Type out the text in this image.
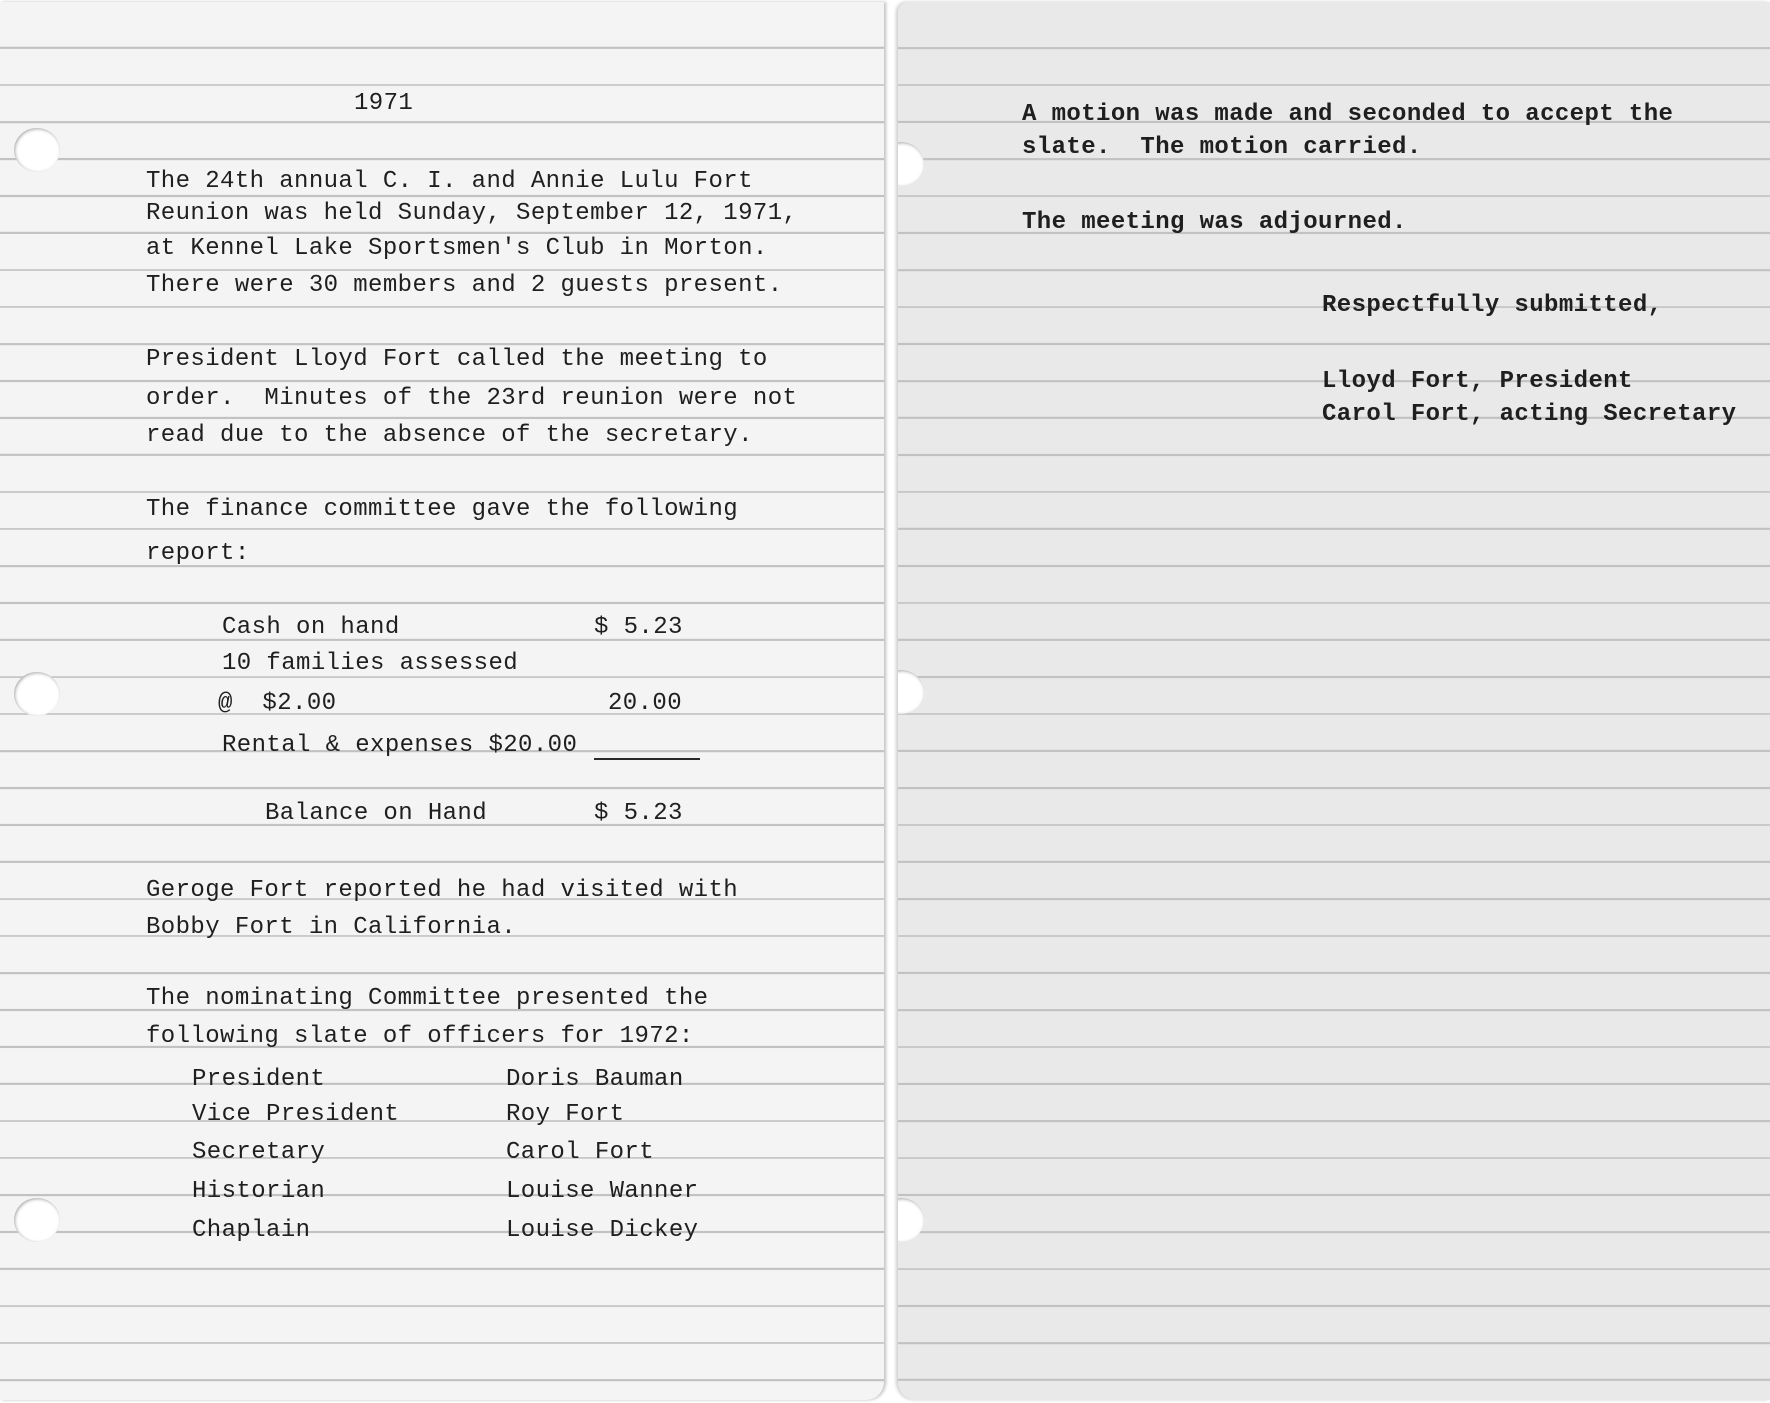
1971
The 24th annual C. I. and Annie Lulu Fort
Reunion was held Sunday, September 12, 1971,
at Kennel Lake Sportsmen's Club in Morton.
There were 30 members and 2 guests present.
President Lloyd Fort called the meeting to
order.  Minutes of the 23rd reunion were not
read due to the absence of the secretary.
The finance committee gave the following
report:
Cash on hand	$ 5.23
10 families assessed
@  $2.00	20.00
Rental & expenses $20.00
Balance on Hand	$ 5.23
Geroge Fort reported he had visited with
Bobby Fort in California.
The nominating Committee presented the
following slate of officers for 1972:
President	Doris Bauman
Vice President	Roy Fort
Secretary	Carol Fort
Historian	Louise Wanner
Chaplain	Louise Dickey
A motion was made and seconded to accept the
slate.  The motion carried.
The meeting was adjourned.
Respectfully submitted,
Lloyd Fort, President
Carol Fort, acting Secretary
